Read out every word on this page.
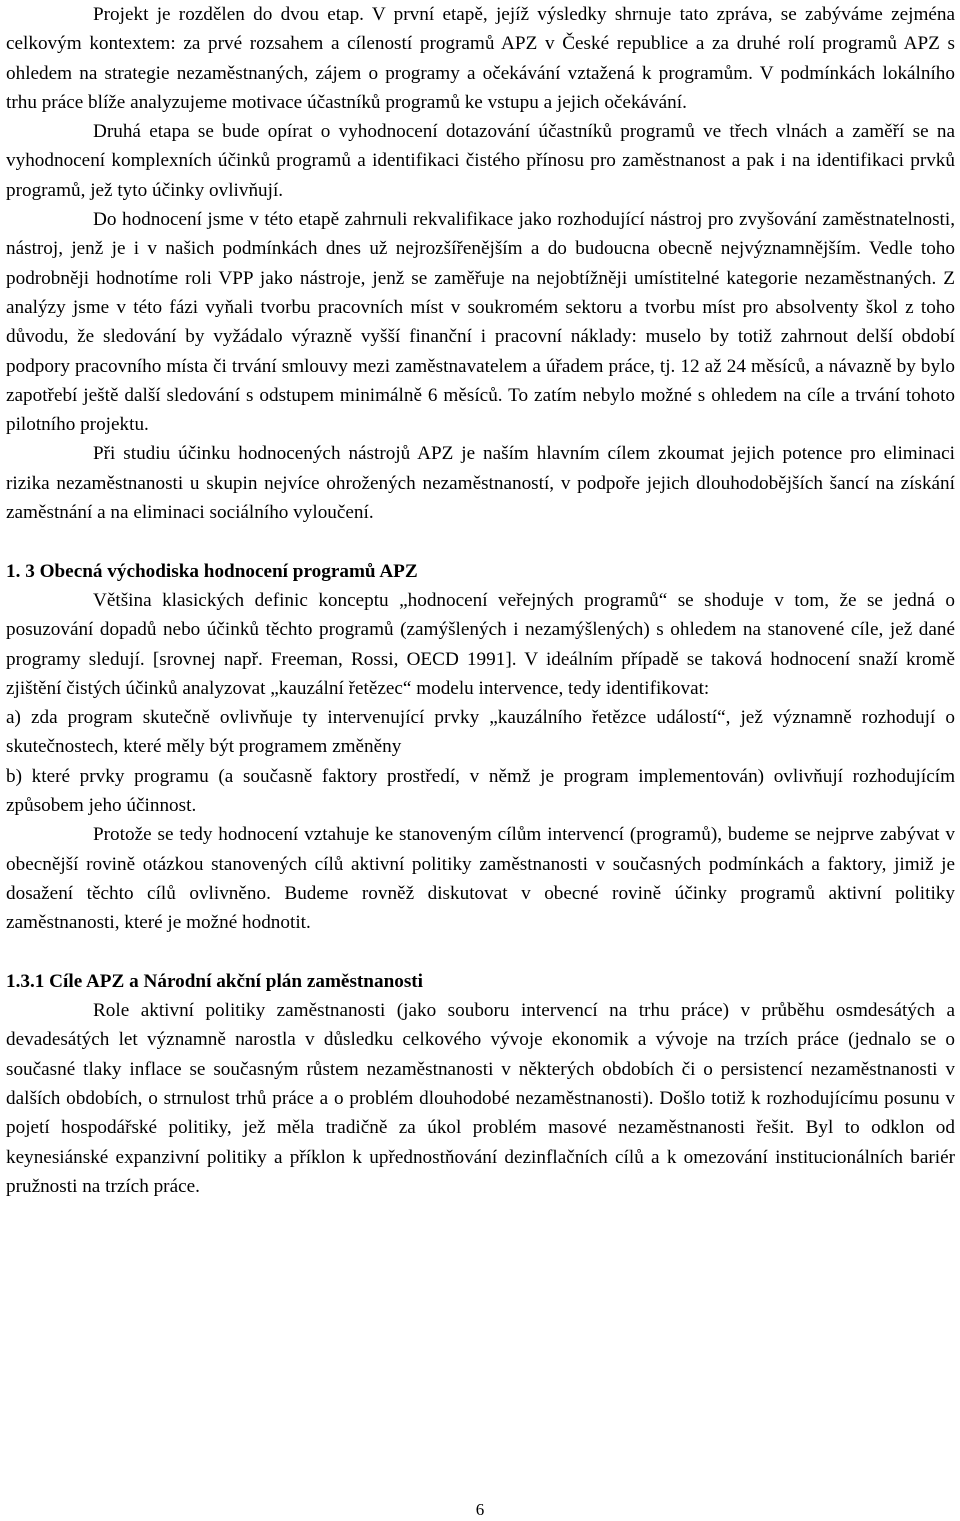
Projekt je rozdělen do dvou etap. V první etapě, jejíž výsledky shrnuje tato zpráva, se zabýváme zejména celkovým kontextem: za prvé rozsahem a cíleností programů APZ v České republice a za druhé rolí programů APZ s ohledem na strategie nezaměstnaných, zájem o programy a očekávání vztažená k programům. V podmínkách lokálního trhu práce blíže analyzujeme motivace účastníků programů ke vstupu a jejich očekávání.

Druhá etapa se bude opírat o vyhodnocení dotazování účastníků programů ve třech vlnách a zaměří se na vyhodnocení komplexních účinků programů a identifikaci čistého přínosu pro zaměstnanost a pak i na identifikaci prvků programů, jež tyto účinky ovlivňují.

Do hodnocení jsme v této etapě zahrnuli rekvalifikace jako rozhodující nástroj pro zvyšování zaměstnatelnosti, nástroj, jenž je i v našich podmínkách dnes už nejrozšířenějším a do budoucna obecně nejvýznamnějším. Vedle toho podrobněji hodnotíme roli VPP jako nástroje, jenž se zaměřuje na nejobtížněji umístitelné kategorie nezaměstnaných. Z analýzy jsme v této fázi vyňali tvorbu pracovních míst v soukromém sektoru a tvorbu míst pro absolventy škol z toho důvodu, že sledování by vyžádalo výrazně vyšší finanční i pracovní náklady: muselo by totiž zahrnout delší období podpory pracovního místa či trvání smlouvy mezi zaměstnavatelem a úřadem práce, tj. 12 až 24 měsíců, a návazně by bylo zapotřebí ještě další sledování s odstupem minimálně 6 měsíců. To zatím nebylo možné s ohledem na cíle a trvání tohoto pilotního projektu.

Při studiu účinku hodnocených nástrojů APZ je naším hlavním cílem zkoumat jejich potence pro eliminaci rizika nezaměstnanosti u skupin nejvíce ohrožených nezaměstnaností, v podpoře jejich dlouhodobějších šancí na získání zaměstnání a na eliminaci sociálního vyloučení.

1. 3 Obecná východiska hodnocení programů APZ

Většina klasických definic konceptu „hodnocení veřejných programů“ se shoduje v tom, že se jedná o posuzování dopadů nebo účinků těchto programů (zamýšlených i nezamýšlených) s ohledem na stanovené cíle, jež dané programy sledují. [srovnej např. Freeman, Rossi, OECD 1991]. V ideálním případě se taková hodnocení snaží kromě zjištění čistých účinků analyzovat „kauzální řetězec“ modelu intervence, tedy identifikovat:

a) zda program skutečně ovlivňuje ty intervenující prvky „kauzálního řetězce událostí“, jež významně rozhodují o skutečnostech, které měly být programem změněny

b) které prvky programu (a současně faktory prostředí, v němž je program implementován) ovlivňují rozhodujícím způsobem jeho účinnost.

Protože se tedy hodnocení vztahuje ke stanoveným cílům intervencí (programů), budeme se nejprve zabývat v obecnější rovině otázkou stanovených cílů aktivní politiky zaměstnanosti v současných podmínkách a faktory, jimiž je dosažení těchto cílů ovlivněno. Budeme rovněž diskutovat v obecné rovině účinky programů aktivní politiky zaměstnanosti, které je možné hodnotit.

1.3.1 Cíle APZ a Národní akční plán zaměstnanosti

Role aktivní politiky zaměstnanosti (jako souboru intervencí na trhu práce) v průběhu osmdesátých a devadesátých let významně narostla v důsledku celkového vývoje ekonomik a vývoje na trzích práce (jednalo se o současné tlaky inflace se současným růstem nezaměstnanosti v některých obdobích či o persistencí nezaměstnanosti v dalších obdobích, o strnulost trhů práce a o problém dlouhodobé nezaměstnanosti). Došlo totiž k rozhodujícímu posunu v pojetí hospodářské politiky, jež měla tradičně za úkol problém masové nezaměstnanosti řešit. Byl to odklon od keynesiánské expanzivní politiky a příklon k upřednostňování dezinflačních cílů a k omezování institucionálních bariér pružnosti na trzích práce.

6
